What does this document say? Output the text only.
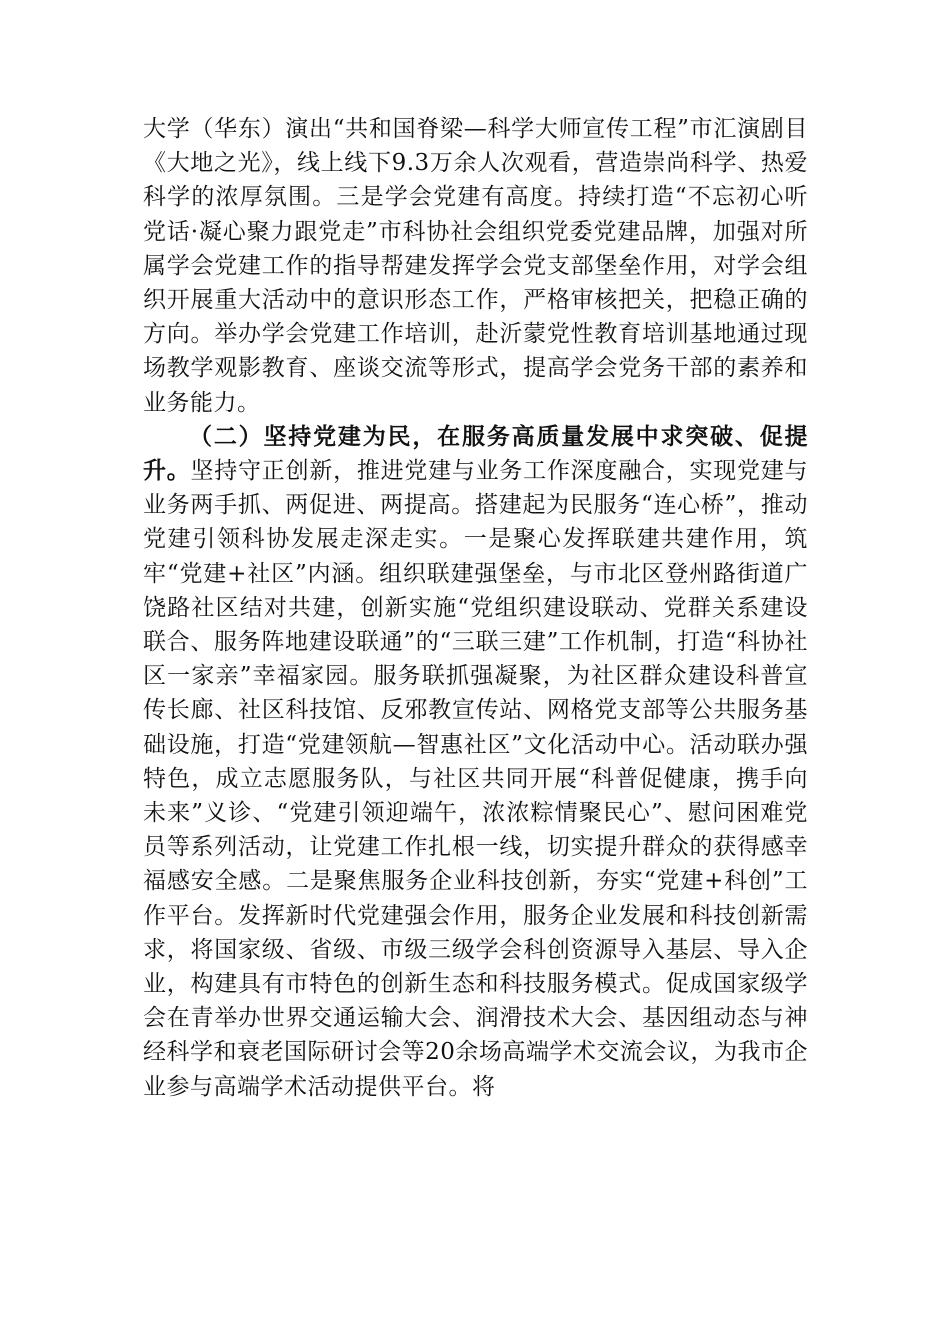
大学（华东）演出“共和国脊梁—科学大师宣传工程”市汇演剧目《大地之光》，线上线下9.3万余人次观看，营造崇尚科学、热爱科学的浓厚氛围。三是学会党建有高度。持续打造“不忘初心听党话·凝心聚力跟党走”市科协社会组织党委党建品牌，加强对所属学会党建工作的指导帮建发挥学会党支部堡垒作用，对学会组织开展重大活动中的意识形态工作，严格审核把关，把稳正确的方向。举办学会党建工作培训，赴沂蒙党性教育培训基地通过现场教学观影教育、座谈交流等形式，提高学会党务干部的素养和业务能力。

（二）坚持党建为民，在服务高质量发展中求突破、促提升。坚持守正创新，推进党建与业务工作深度融合，实现党建与业务两手抓、两促进、两提高。搭建起为民服务“连心桥”，推动党建引领科协发展走深走实。一是聚心发挥联建共建作用，筑牢“党建+社区”内涵。组织联建强堡垒，与市北区登州路街道广饶路社区结对共建，创新实施“党组织建设联动、党群关系建设联合、服务阵地建设联通”的“三联三建”工作机制，打造“科协社区一家亲”幸福家园。服务联抓强凝聚，为社区群众建设科普宣传长廊、社区科技馆、反邪教宣传站、网格党支部等公共服务基础设施，打造“党建领航—智惠社区”文化活动中心。活动联办强特色，成立志愿服务队，与社区共同开展“科普促健康，携手向未来”义诊、“党建引领迎端午，浓浓粽情聚民心”、慰问困难党员等系列活动，让党建工作扎根一线，切实提升群众的获得感幸福感安全感。二是聚焦服务企业科技创新，夯实“党建+科创”工作平台。发挥新时代党建强会作用，服务企业发展和科技创新需求，将国家级、省级、市级三级学会科创资源导入基层、导入企业，构建具有市特色的创新生态和科技服务模式。促成国家级学会在青举办世界交通运输大会、润滑技术大会、基因组动态与神经科学和衰老国际研讨会等20余场高端学术交流会议，为我市企业参与高端学术活动提供平台。将
